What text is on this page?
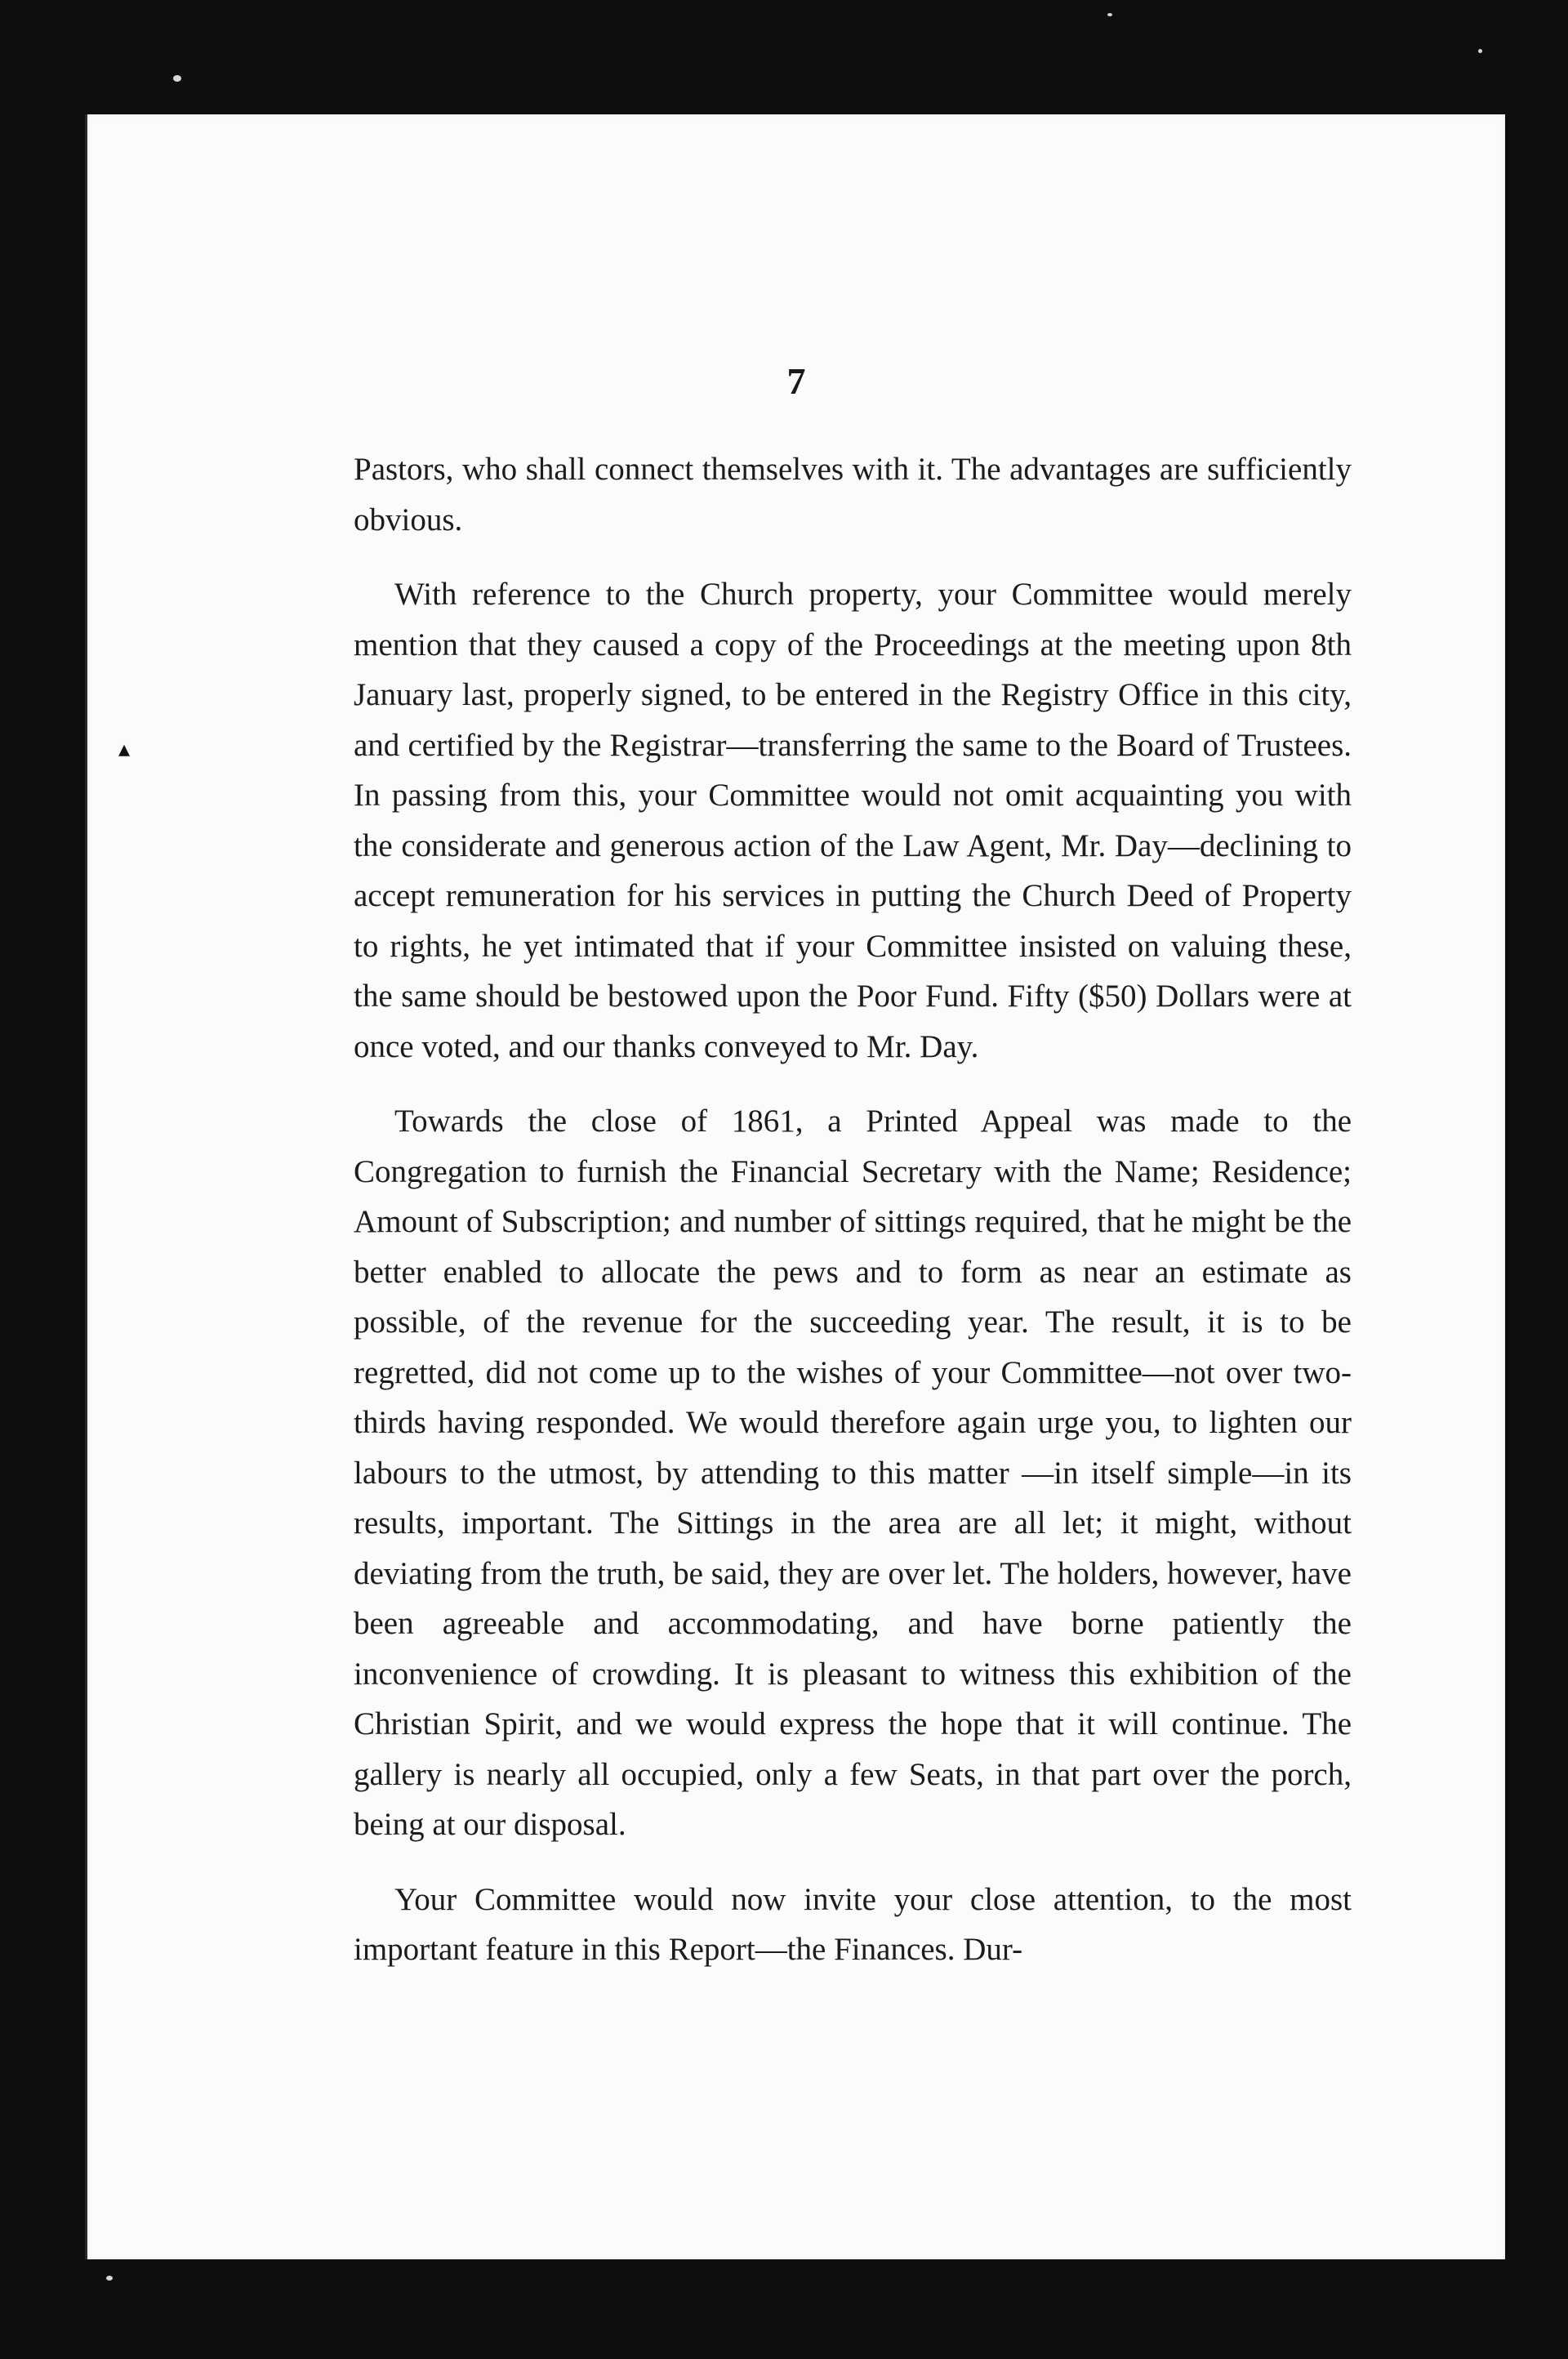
▴

7

Pastors, who shall connect themselves with it. The advantages are sufficiently obvious.

With reference to the Church property, your Committee would merely mention that they caused a copy of the Proceedings at the meeting upon 8th January last, properly signed, to be entered in the Registry Office in this city, and certified by the Registrar—transferring the same to the Board of Trustees. In passing from this, your Committee would not omit acquainting you with the considerate and generous action of the Law Agent, Mr. Day—declining to accept remuneration for his services in putting the Church Deed of Property to rights, he yet intimated that if your Committee insisted on valuing these, the same should be bestowed upon the Poor Fund. Fifty ($50) Dollars were at once voted, and our thanks conveyed to Mr. Day.

Towards the close of 1861, a Printed Appeal was made to the Congregation to furnish the Financial Secretary with the Name; Residence; Amount of Subscription; and number of sittings required, that he might be the better enabled to allocate the pews and to form as near an estimate as possible, of the revenue for the succeeding year. The result, it is to be regretted, did not come up to the wishes of your Committee—not over two-thirds having responded. We would therefore again urge you, to lighten our labours to the utmost, by attending to this matter —in itself simple—in its results, important. The Sittings in the area are all let; it might, without deviating from the truth, be said, they are over let. The holders, however, have been agreeable and accommodating, and have borne patiently the inconvenience of crowding. It is pleasant to witness this exhibition of the Christian Spirit, and we would express the hope that it will continue. The gallery is nearly all occupied, only a few Seats, in that part over the porch, being at our disposal.

Your Committee would now invite your close attention, to the most important feature in this Report—the Finances. Dur-
